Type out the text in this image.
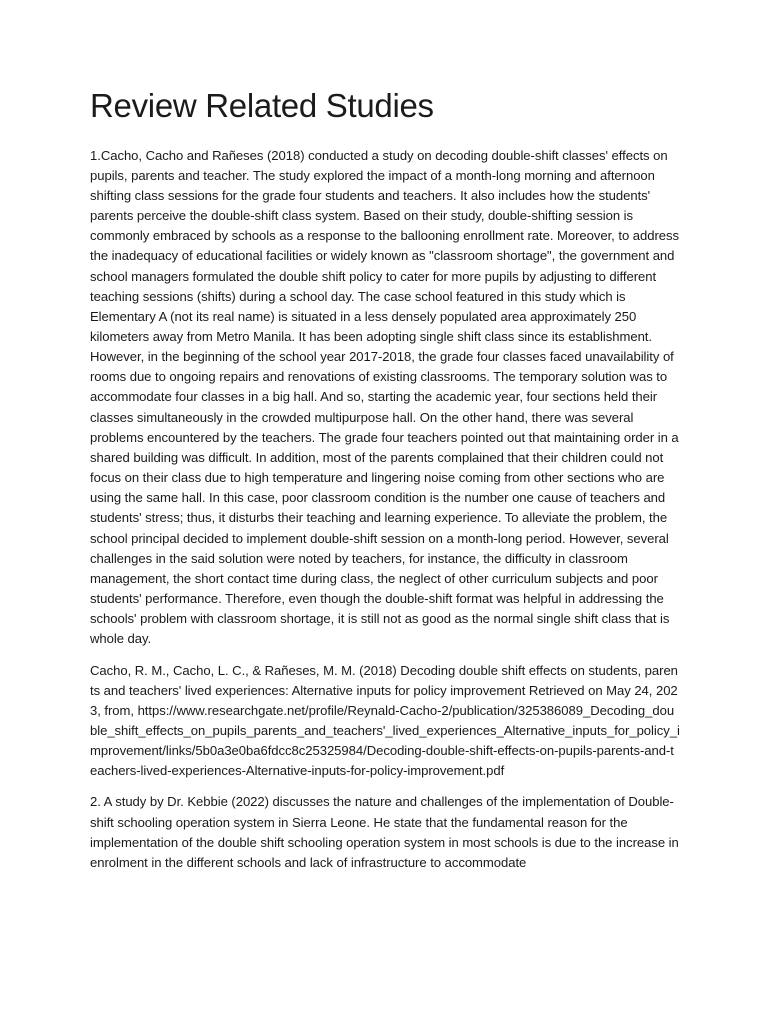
Review Related Studies

1.Cacho, Cacho and Rañeses (2018) conducted a study on decoding double-shift classes' effects on pupils, parents and teacher. The study explored the impact of a month-long morning and afternoon shifting class sessions for the grade four students and teachers. It also includes how the students' parents perceive the double-shift class system. Based on their study, double-shifting session is commonly embraced by schools as a response to the ballooning enrollment rate. Moreover, to address the inadequacy of educational facilities or widely known as "classroom shortage", the government and school managers formulated the double shift policy to cater for more pupils by adjusting to different teaching sessions (shifts) during a school day. The case school featured in this study which is Elementary A (not its real name) is situated in a less densely populated area approximately 250 kilometers away from Metro Manila. It has been adopting single shift class since its establishment. However, in the beginning of the school year 2017-2018, the grade four classes faced unavailability of rooms due to ongoing repairs and renovations of existing classrooms. The temporary solution was to accommodate four classes in a big hall. And so, starting the academic year, four sections held their classes simultaneously in the crowded multipurpose hall. On the other hand, there was several problems encountered by the teachers. The grade four teachers pointed out that maintaining order in a shared building was difficult. In addition, most of the parents complained that their children could not focus on their class due to high temperature and lingering noise coming from other sections who are using the same hall. In this case, poor classroom condition is the number one cause of teachers and students' stress; thus, it disturbs their teaching and learning experience. To alleviate the problem, the school principal decided to implement double-shift session on a month-long period. However, several challenges in the said solution were noted by teachers, for instance, the difficulty in classroom management, the short contact time during class, the neglect of other curriculum subjects and poor students' performance. Therefore, even though the double-shift format was helpful in addressing the schools' problem with classroom shortage, it is still not as good as the normal single shift class that is whole day.

Cacho, R. M., Cacho, L. C., & Rañeses, M. M. (2018) Decoding double shift effects on students, parents and teachers' lived experiences: Alternative inputs for policy improvement Retrieved on May 24, 2023, from, https://www.researchgate.net/profile/Reynald-Cacho-2/publication/325386089_Decoding_double_shift_effects_on_pupils_parents_and_teachers'_lived_experiences_Alternative_inputs_for_policy_improvement/links/5b0a3e0ba6fdcc8c25325984/Decoding-double-shift-effects-on-pupils-parents-and-teachers-lived-experiences-Alternative-inputs-for-policy-improvement.pdf

2. A study by Dr. Kebbie (2022) discusses the nature and challenges of the implementation of Double-shift schooling operation system in Sierra Leone. He state that the fundamental reason for the implementation of the double shift schooling operation system in most schools is due to the increase in enrolment in the different schools and lack of infrastructure to accommodate
